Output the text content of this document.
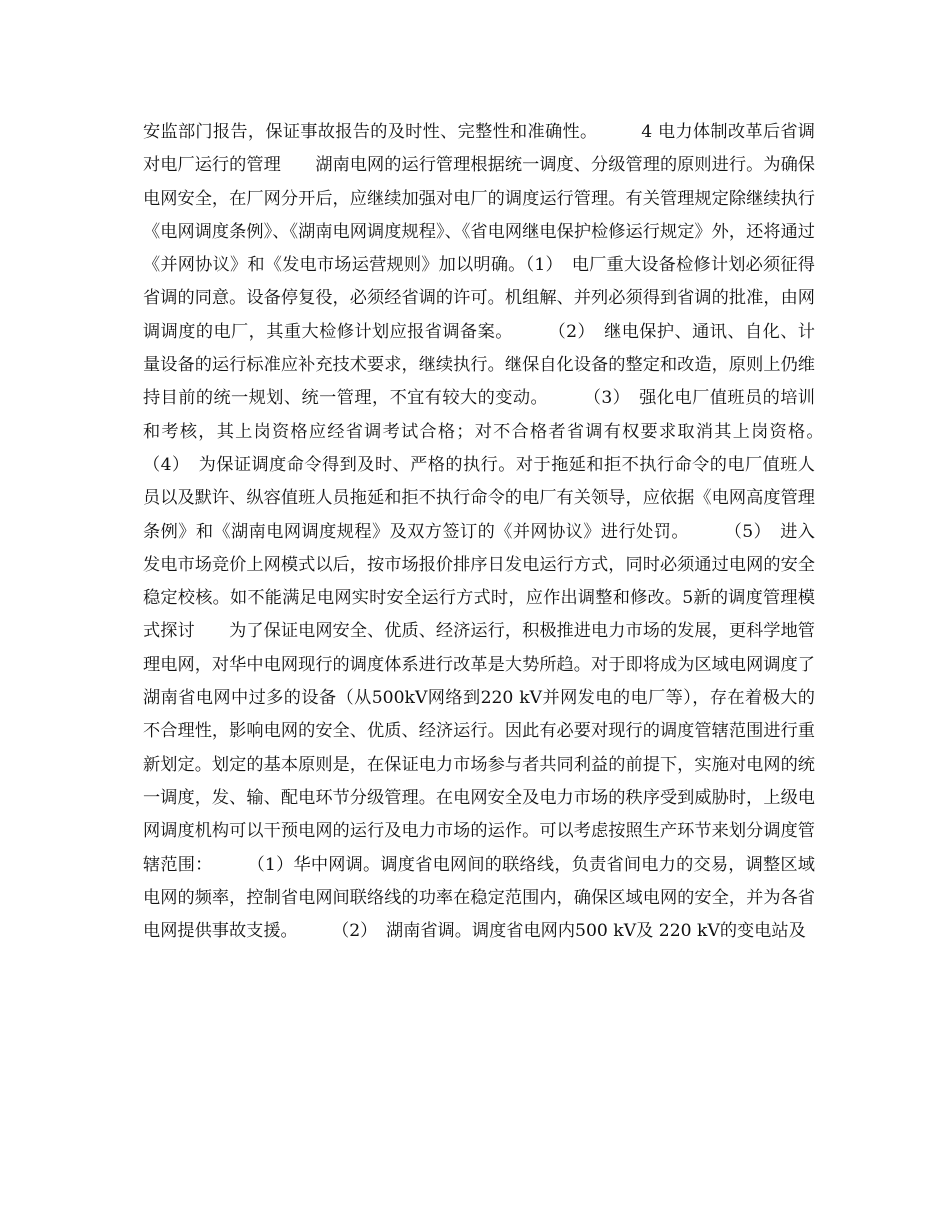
安监部门报告，保证事故报告的及时性、完整性和准确性。　　　4 电力体制改革后省调对电厂运行的管理　　湖南电网的运行管理根据统一调度、分级管理的原则进行。为确保电网安全，在厂网分开后，应继续加强对电厂的调度运行管理。有关管理规定除继续执行《电网调度条例》、《湖南电网调度规程》、《省电网继电保护检修运行规定》外，还将通过《并网协议》和《发电市场运营规则》加以明确。（1）　电厂重大设备检修计划必须征得省调的同意。设备停复役，必须经省调的许可。机组解、并列必须得到省调的批准，由网调调度的电厂，其重大检修计划应报省调备案。　　　（2）　继电保护、通讯、自化、计量设备的运行标准应补充技术要求，继续执行。继保自化设备的整定和改造，原则上仍维持目前的统一规划、统一管理，不宜有较大的变动。　　　（3）　强化电厂值班员的培训和考核，其上岗资格应经省调考试合格；对不合格者省调有权要求取消其上岗资格。　　　（4）　为保证调度命令得到及时、严格的执行。对于拖延和拒不执行命令的电厂值班人员以及默许、纵容值班人员拖延和拒不执行命令的电厂有关领导，应依据《电网高度管理条例》和《湖南电网调度规程》及双方签订的《并网协议》进行处罚。　　　（5）　进入发电市场竞价上网模式以后，按市场报价排序日发电运行方式，同时必须通过电网的安全稳定校核。如不能满足电网实时安全运行方式时，应作出调整和修改。5新的调度管理模式探讨　　为了保证电网安全、优质、经济运行，积极推进电力市场的发展，更科学地管理电网，对华中电网现行的调度体系进行改革是大势所趋。对于即将成为区域电网调度了湖南省电网中过多的设备（从500kV网络到220 kV并网发电的电厂等），存在着极大的不合理性，影响电网的安全、优质、经济运行。因此有必要对现行的调度管辖范围进行重新划定。划定的基本原则是，在保证电力市场参与者共同利益的前提下，实施对电网的统一调度，发、输、配电环节分级管理。在电网安全及电力市场的秩序受到威胁时，上级电网调度机构可以干预电网的运行及电力市场的运作。可以考虑按照生产环节来划分调度管辖范围：　　　（1）华中网调。调度省电网间的联络线，负责省间电力的交易，调整区域电网的频率，控制省电网间联络线的功率在稳定范围内，确保区域电网的安全，并为各省电网提供事故支援。　　　（2）　湖南省调。调度省电网内500 kV及 220 kV的变电站及
